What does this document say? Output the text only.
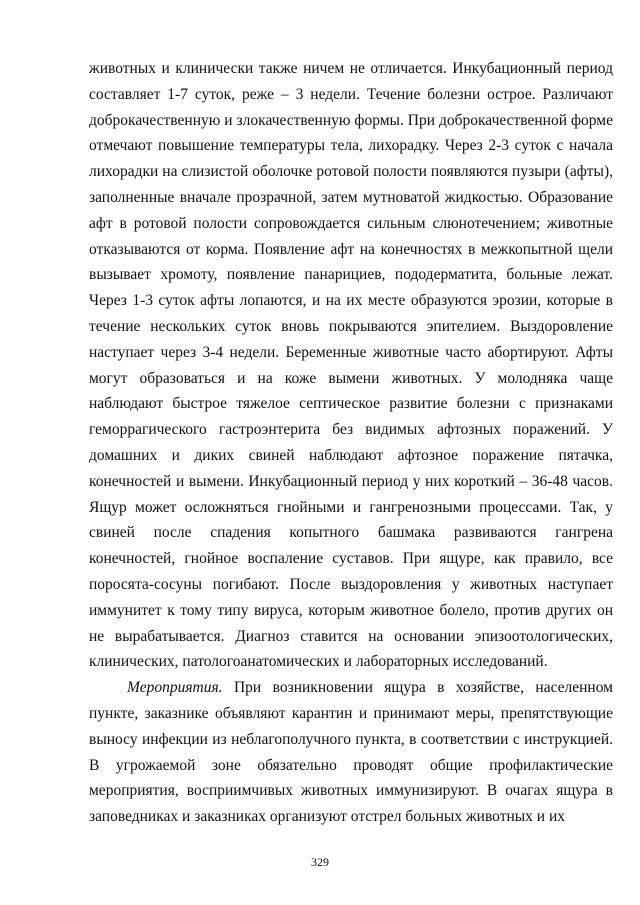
животных и клинически также ничем не отличается. Инкубационный период составляет 1-7 суток, реже – 3 недели. Течение болезни острое. Различают доброкачественную и злокачественную формы. При доброкачественной форме отмечают повышение температуры тела, лихорадку. Через 2-3 суток с начала лихорадки на слизистой оболочке ротовой полости появляются пузыри (афты), заполненные вначале прозрачной, затем мутноватой жидкостью. Образование афт в ротовой полости сопровождается сильным слюнотечением; животные отказываются от корма. Появление афт на конечностях в межкопытной щели вызывает хромоту, появление панарициев, пододерматита, больные лежат. Через 1-3 суток афты лопаются, и на их месте образуются эрозии, которые в течение нескольких суток вновь покрываются эпителием. Выздоровление наступает через 3-4 недели. Беременные животные часто абортируют. Афты могут образоваться и на коже вымени животных. У молодняка чаще наблюдают быстрое тяжелое септическое развитие болезни с признаками геморрагического гастроэнтерита без видимых афтозных поражений. У домашних и диких свиней наблюдают афтозное поражение пятачка, конечностей и вымени. Инкубационный период у них короткий – 36-48 часов. Ящур может осложняться гнойными и гангренозными процессами. Так, у свиней после спадения копытного башмака развиваются гангрена конечностей, гнойное воспаление суставов. При ящуре, как правило, все поросята-сосуны погибают. После выздоровления у животных наступает иммунитет к тому типу вируса, которым животное болело, против других он не вырабатывается. Диагноз ставится на основании эпизоотологических, клинических, патологоанатомических и лабораторных исследований.

Мероприятия. При возникновении ящура в хозяйстве, населенном пункте, заказнике объявляют карантин и принимают меры, препятствующие выносу инфекции из неблагополучного пункта, в соответствии с инструкцией. В угрожаемой зоне обязательно проводят общие профилактические мероприятия, восприимчивых животных иммунизируют. В очагах ящура в заповедниках и заказниках организуют отстрел больных животных и их

329
